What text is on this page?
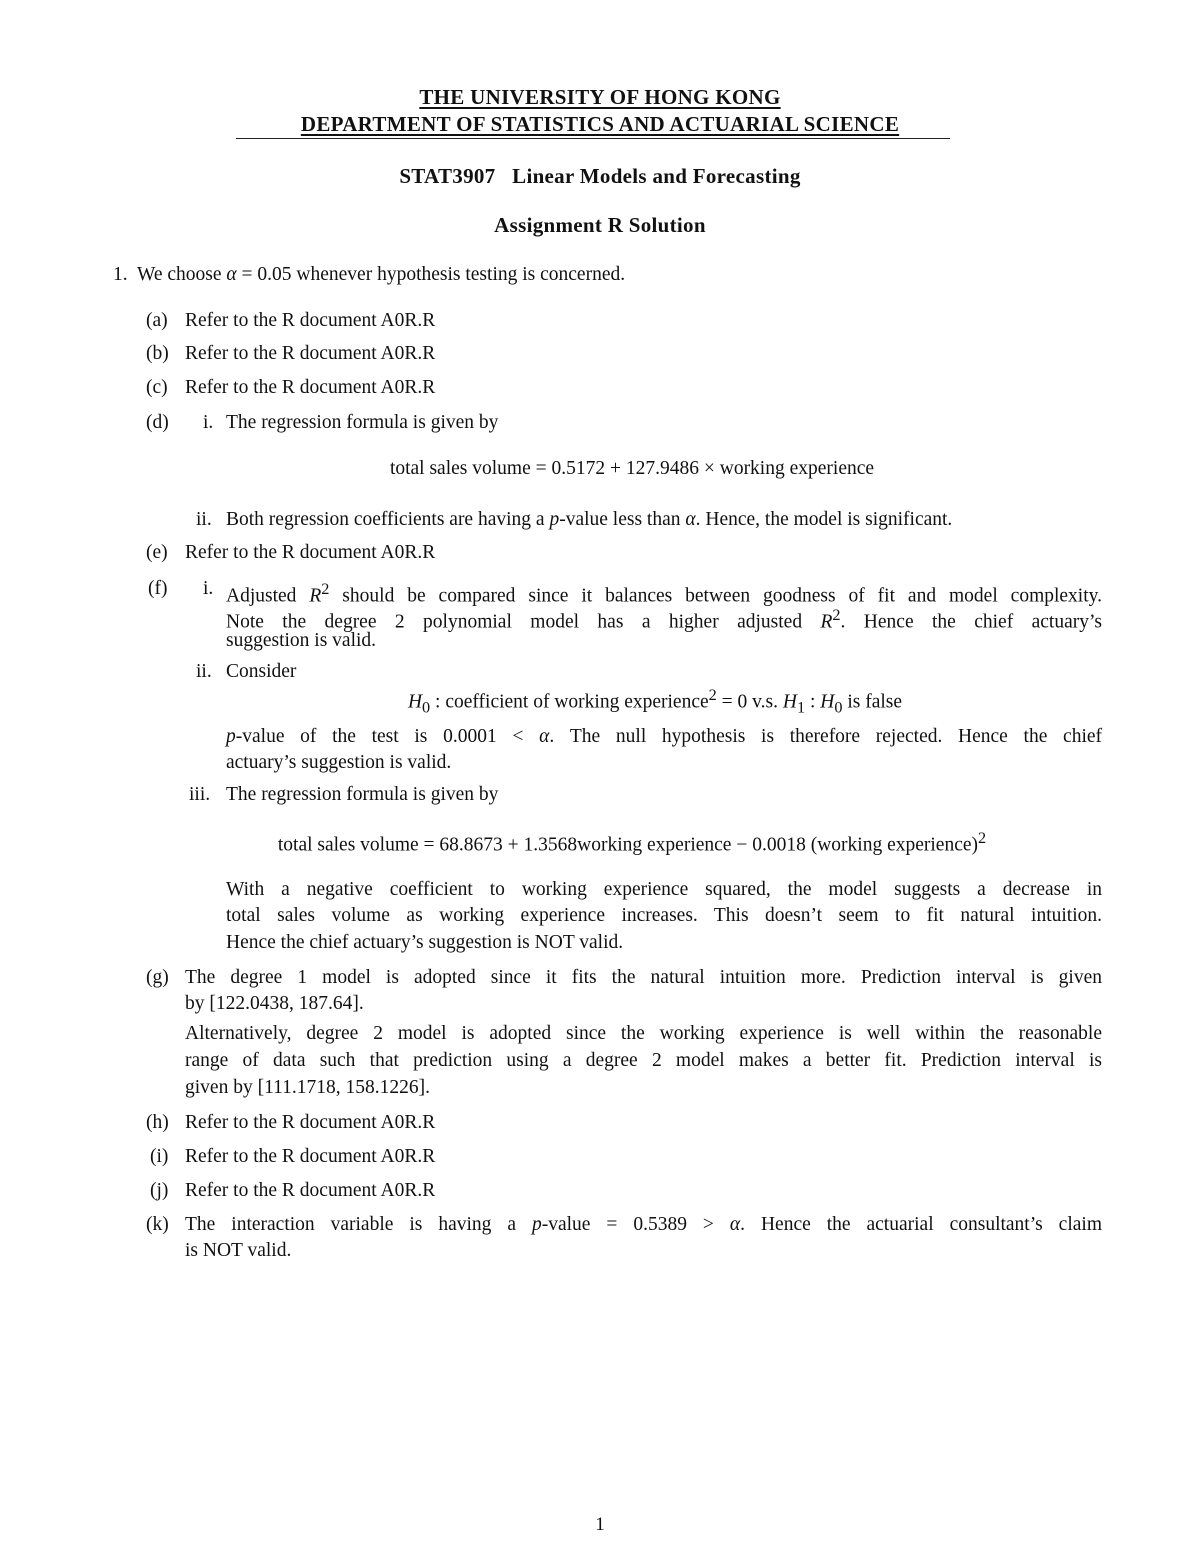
THE UNIVERSITY OF HONG KONG
DEPARTMENT OF STATISTICS AND ACTUARIAL SCIENCE
STAT3907 Linear Models and Forecasting
Assignment R Solution
1. We choose α = 0.05 whenever hypothesis testing is concerned.
(a) Refer to the R document A0R.R
(b) Refer to the R document A0R.R
(c) Refer to the R document A0R.R
(d) i. The regression formula is given by
total sales volume = 0.5172 + 127.9486 × working experience
ii. Both regression coefficients are having a p-value less than α. Hence, the model is significant.
(e) Refer to the R document A0R.R
(f) i. Adjusted $R^2$ should be compared since it balances between goodness of fit and model complexity.
Note the degree 2 polynomial model has a higher adjusted $R^2$. Hence the chief actuary’s
suggestion is valid.
ii. Consider
$H_0$ : coefficient of working experience$^2$ = 0 v.s. $H_1$ : $H_0$ is false
p-value of the test is 0.0001 < α. The null hypothesis is therefore rejected. Hence the chief
actuary’s suggestion is valid.
iii. The regression formula is given by
total sales volume = 68.8673 + 1.3568working experience − 0.0018 (working experience)$^2$
With a negative coefficient to working experience squared, the model suggests a decrease in
total sales volume as working experience increases. This doesn’t seem to fit natural intuition.
Hence the chief actuary’s suggestion is NOT valid.
(g) The degree 1 model is adopted since it fits the natural intuition more. Prediction interval is given
by [122.0438, 187.64].
Alternatively, degree 2 model is adopted since the working experience is well within the reasonable
range of data such that prediction using a degree 2 model makes a better fit. Prediction interval is
given by [111.1718, 158.1226].
(h) Refer to the R document A0R.R
(i) Refer to the R document A0R.R
(j) Refer to the R document A0R.R
(k) The interaction variable is having a p-value = 0.5389 > α. Hence the actuarial consultant’s claim
is NOT valid.
1
